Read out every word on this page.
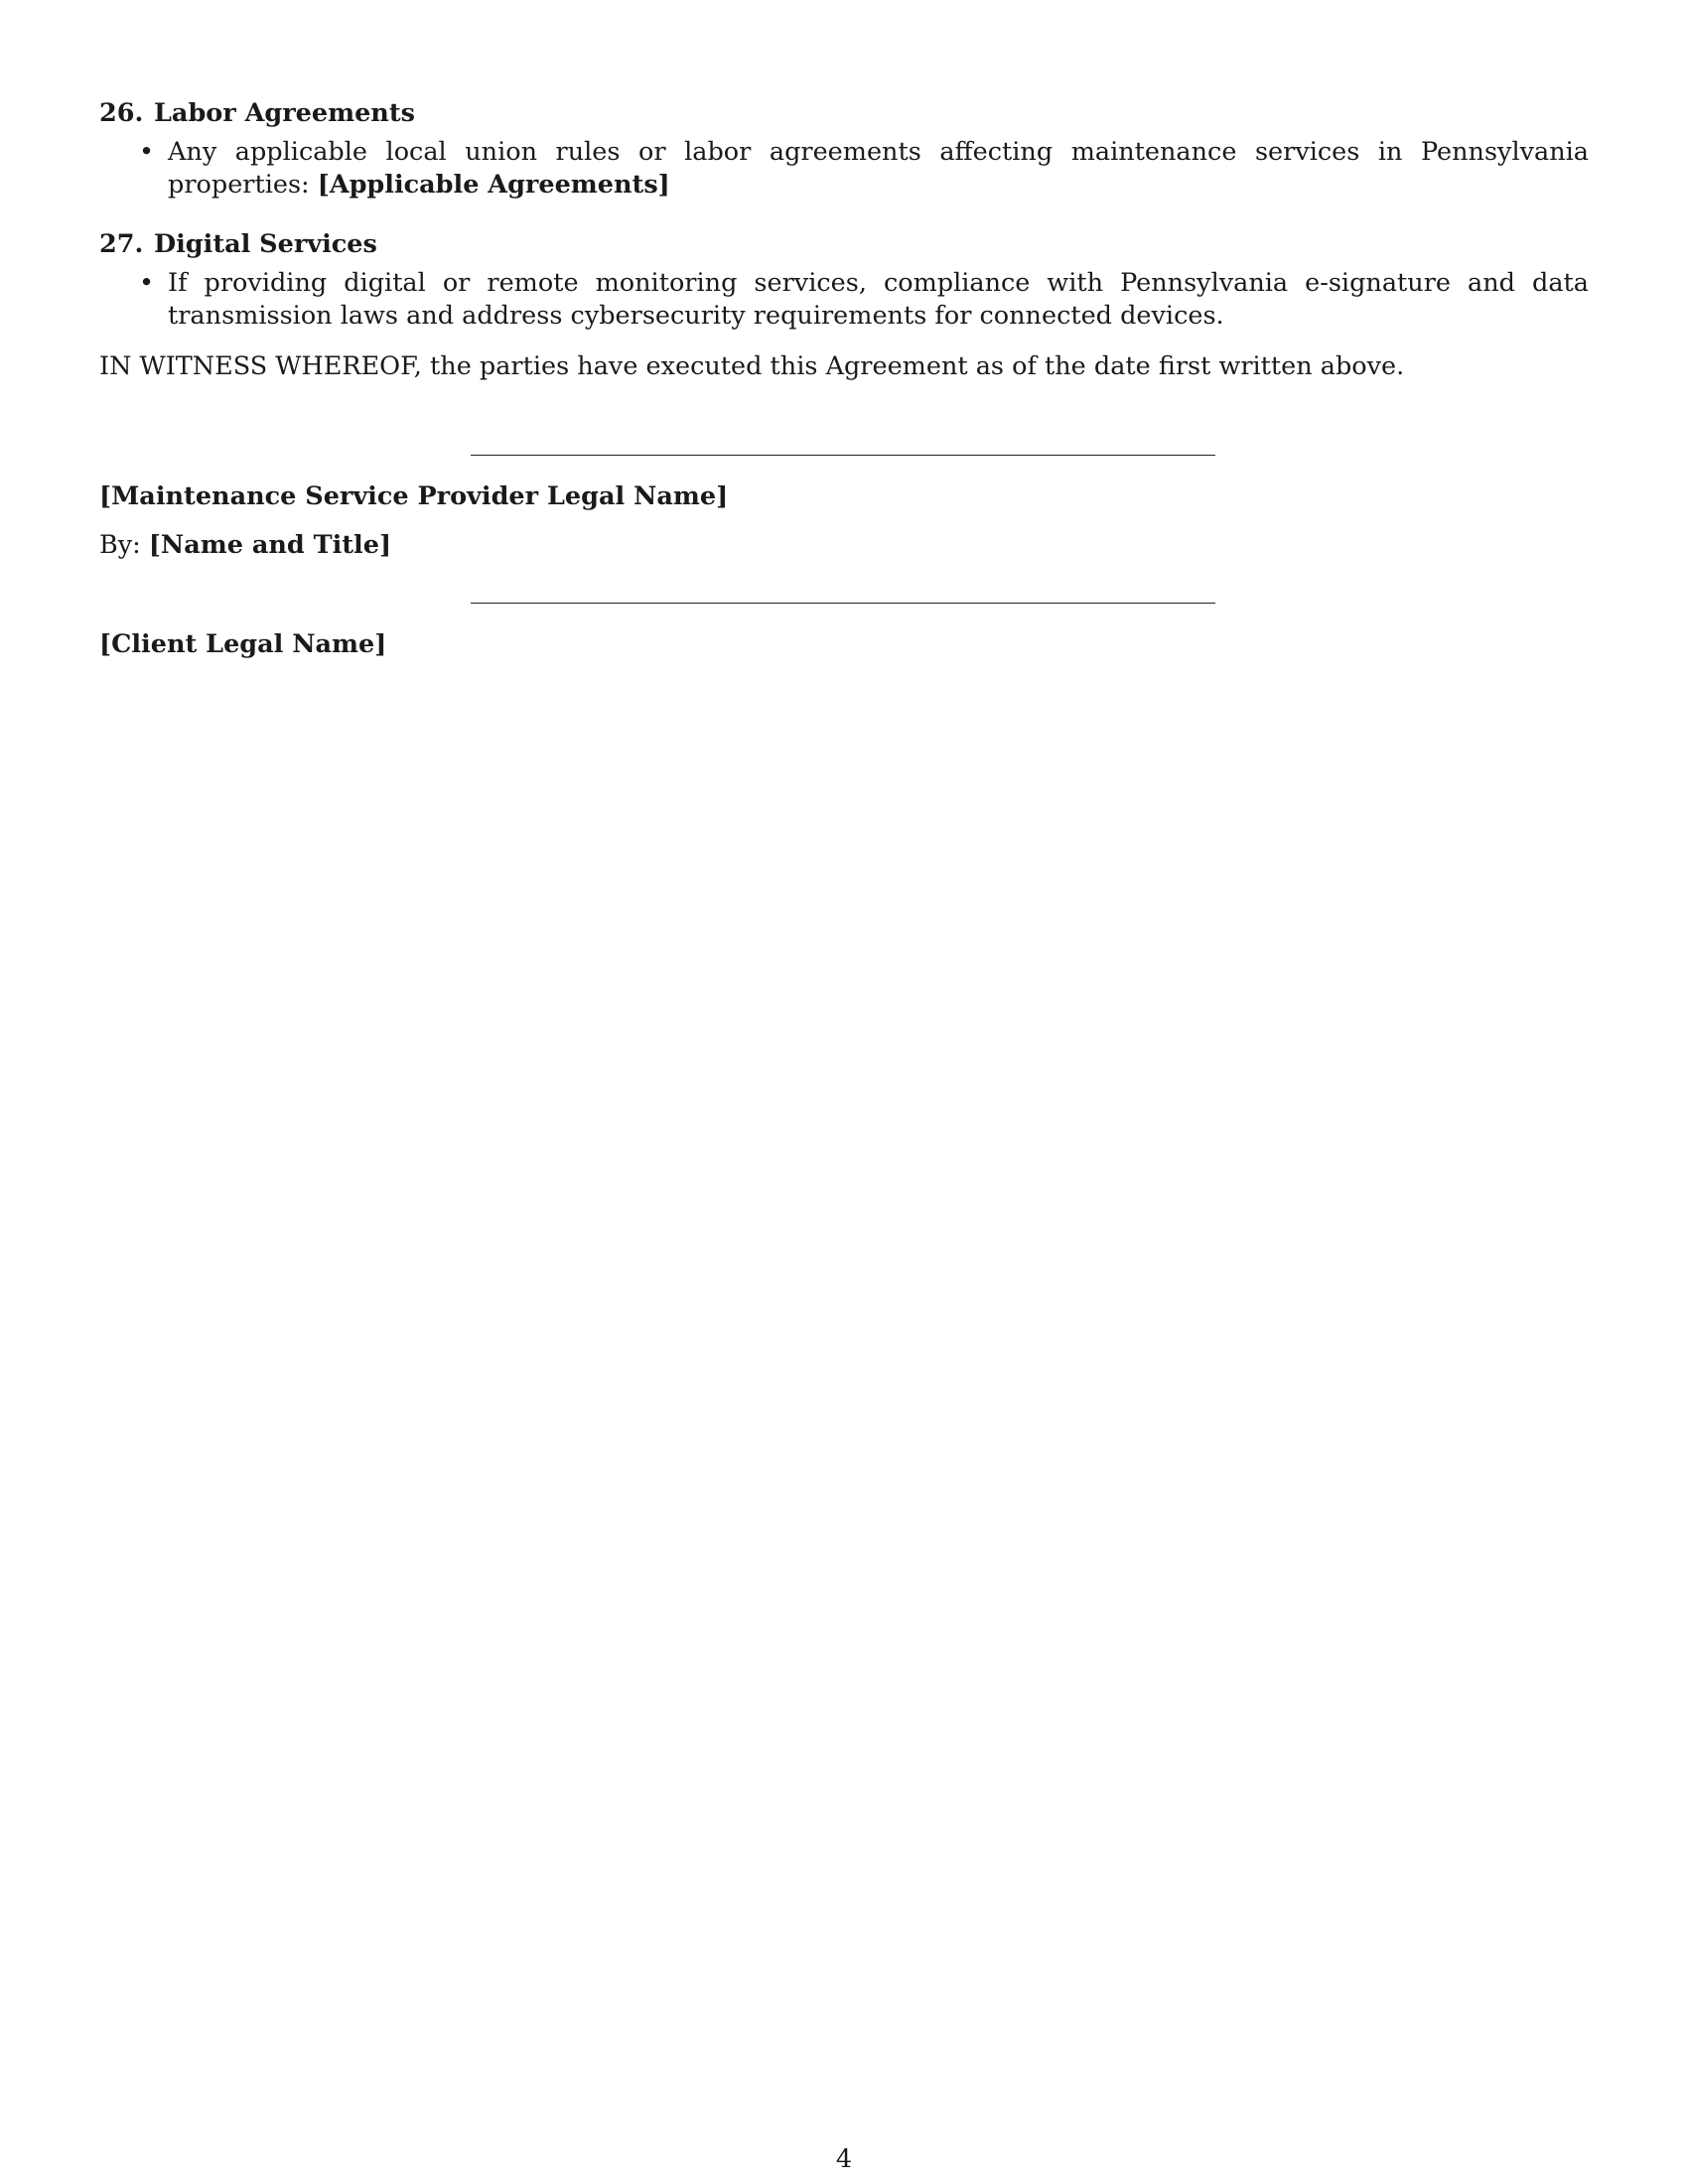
26. Labor Agreements
• Any applicable local union rules or labor agreements affecting maintenance services in Pennsylvania properties: [Applicable Agreements]
27. Digital Services
• If providing digital or remote monitoring services, compliance with Pennsylvania e-signature and data transmission laws and address cybersecurity requirements for connected devices.

IN WITNESS WHEREOF, the parties have executed this Agreement as of the date first written above.

[Maintenance Service Provider Legal Name]
By: [Name and Title]
[Client Legal Name]
4
